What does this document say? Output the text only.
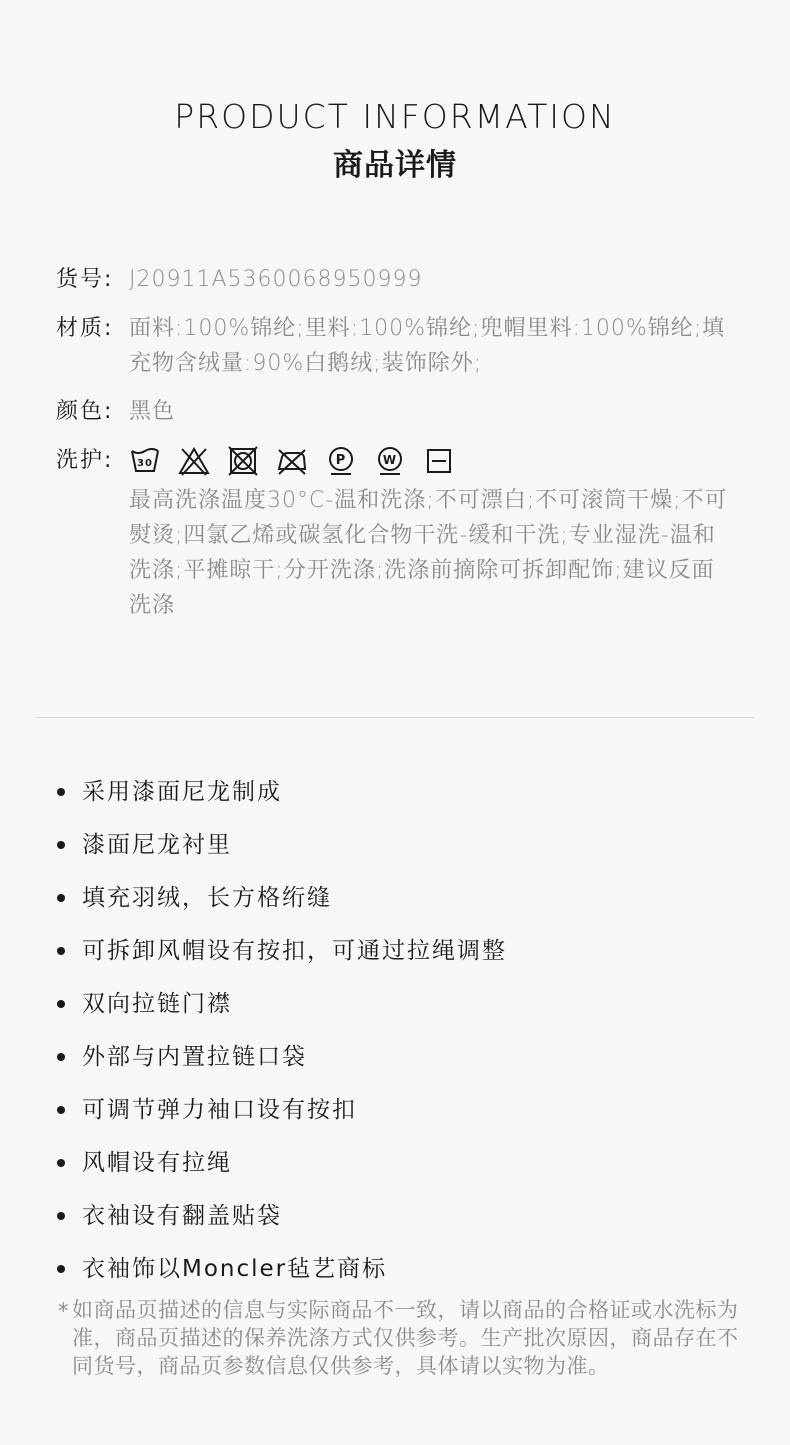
PRODUCT INFORMATION
商品详情
货号: J20911A5360068950999
材质: 面料:100%锦纶;里料:100%锦纶;兜帽里料:100%锦纶;填充物含绒量:90%白鹅绒;装饰除外;
颜色: 黑色
洗护:	30	P	W
最高洗涤温度30°C-温和洗涤;不可漂白;不可滚筒干燥;不可熨烫;四氯乙烯或碳氢化合物干洗-缓和干洗;专业湿洗-温和洗涤;平摊晾干;分开洗涤;洗涤前摘除可拆卸配饰;建议反面洗涤
采用漆面尼龙制成
漆面尼龙衬里
填充羽绒，长方格绗缝
可拆卸风帽设有按扣，可通过拉绳调整
双向拉链门襟
外部与内置拉链口袋
可调节弹力袖口设有按扣
风帽设有拉绳
衣袖设有翻盖贴袋
衣袖饰以Moncler毡艺商标
* 如商品页描述的信息与实际商品不一致，请以商品的合格证或水洗标为准，商品页描述的保养洗涤方式仅供参考。生产批次原因，商品存在不同货号，商品页参数信息仅供参考，具体请以实物为准。
